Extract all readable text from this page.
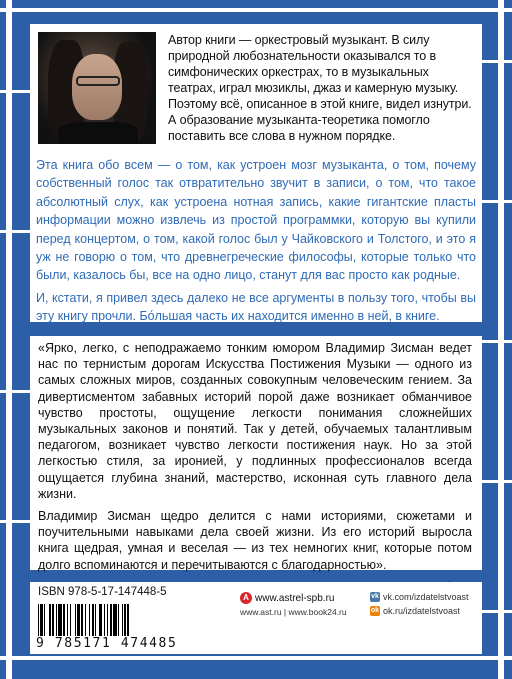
Автор книги — оркестровый музыкант. В силу природной любознательности оказывался то в симфонических оркестрах, то в музыкальных театрах, играл мюзиклы, джаз и камерную музыку. Поэтому всё, описанное в этой книге, видел изнутри. А образование музыканта-теоретика помогло поставить все слова в нужном порядке.

Эта книга обо всем — о том, как устроен мозг музыканта, о том, почему собственный голос так отвратительно звучит в записи, о том, что такое абсолютный слух, как устроена нотная запись, какие гигантские пласты информации можно извлечь из простой программки, которую вы купили перед концертом, о том, какой голос был у Чайковского и Толстого, и это я уж не говорю о том, что древнегреческие философы, которые только что были, казалось бы, все на одно лицо, станут для вас просто как родные.

И, кстати, я привел здесь далеко не все аргументы в пользу того, чтобы вы эту книгу прочли. Бо́льшая часть их находится именно в ней, в книге.

«Ярко, легко, с неподражаемо тонким юмором Владимир Зисман ведет нас по тернистым дорогам Искусства Постижения Музыки — одного из самых сложных миров, созданных совокупным человеческим гением. За дивертисментом забавных историй порой даже возникает обманчивое чувство простоты, ощущение легкости понимания сложнейших музыкальных законов и понятий. Так у детей, обучаемых талантливым педагогом, возникает чувство легкости постижения наук. Но за этой легкостью стиля, за иронией, у подлинных профессионалов всегда ощущается глубина знаний, мастерство, исконная суть главного дела жизни.

Владимир Зисман щедро делится с нами историями, сюжетами и поучительными навыками дела своей жизни. Из его историй выросла книга щедрая, умная и веселая — из тех немногих книг, которые потом долго вспоминаются и перечитываются с благодарностью».

ISBN 978-5-17-147448-5
9 785171 474485
A www.astrel-spb.ru
www.ast.ru | www.book24.ru
vk vk.com/izdatelstvoast
ok ok.ru/izdatelstvoast
